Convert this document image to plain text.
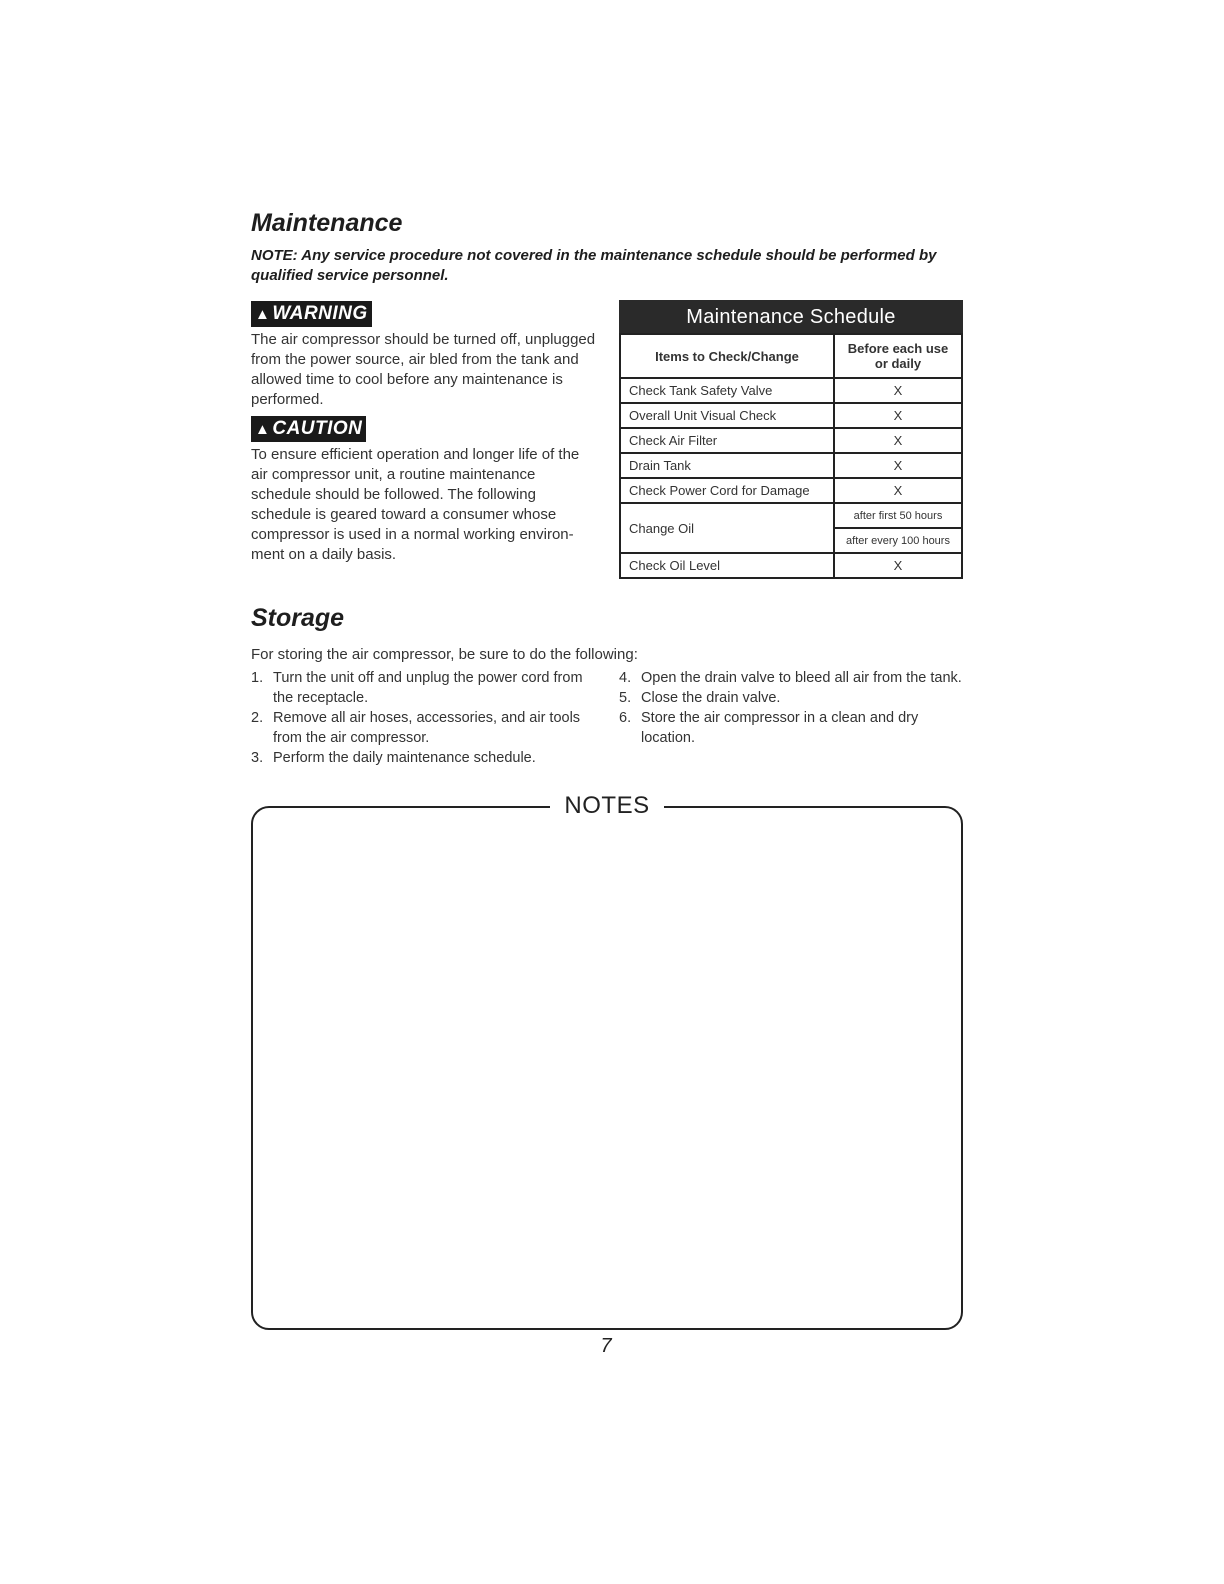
Maintenance
NOTE: Any service procedure not covered in the maintenance schedule should be performed by qualified service personnel.
▲ WARNING
The air compressor should be turned off, unplugged from the power source, air bled from the tank and allowed time to cool before any maintenance is performed.
▲ CAUTION
To ensure efficient operation and longer life of the air compressor unit, a routine maintenance schedule should be followed. The following schedule is geared toward a consumer whose compressor is used in a normal working environ-ment on a daily basis.
Maintenance Schedule
Items to Check/Change	Before each use or daily
Check Tank Safety Valve	X
Overall Unit Visual Check	X
Check Air Filter	X
Drain Tank	X
Check Power Cord for Damage	X
Change Oil	after first 50 hours
	after every 100 hours
Check Oil Level	X
Storage
For storing the air compressor, be sure to do the following:
1. Turn the unit off and unplug the power cord from the receptacle.
2. Remove all air hoses, accessories, and air tools from the air compressor.
3. Perform the daily maintenance schedule.
4. Open the drain valve to bleed all air from the tank.
5. Close the drain valve.
6. Store the air compressor in a clean and dry location.
NOTES
7
